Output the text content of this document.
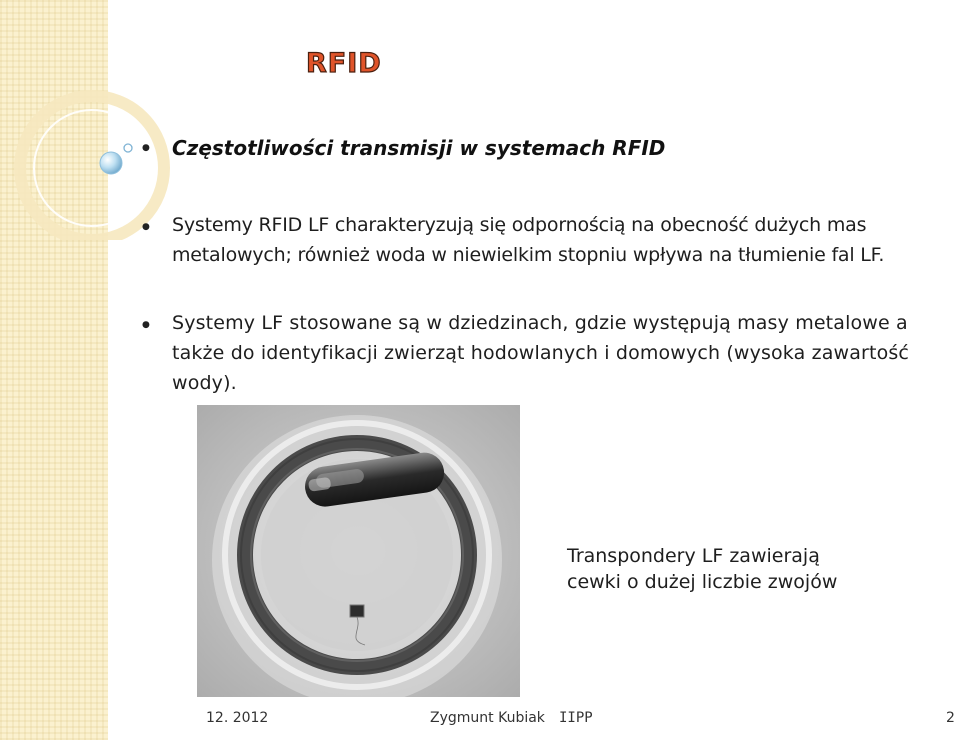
RFID
● Częstotliwości transmisji w systemach RFID
● Systemy RFID LF charakteryzują się odpornością na obecność dużych mas metalowych; również woda w niewielkim stopniu wpływa na tłumienie fal LF.

● Systemy LF stosowane są w dziedzinach, gdzie występują masy metalowe a także do identyfikacji zwierząt hodowlanych i domowych (wysoka zawartość wody).

Transpondery LF zawierają cewki o dużej liczbie zwojów

12. 2012	Zygmunt Kubiak IIPP	2
